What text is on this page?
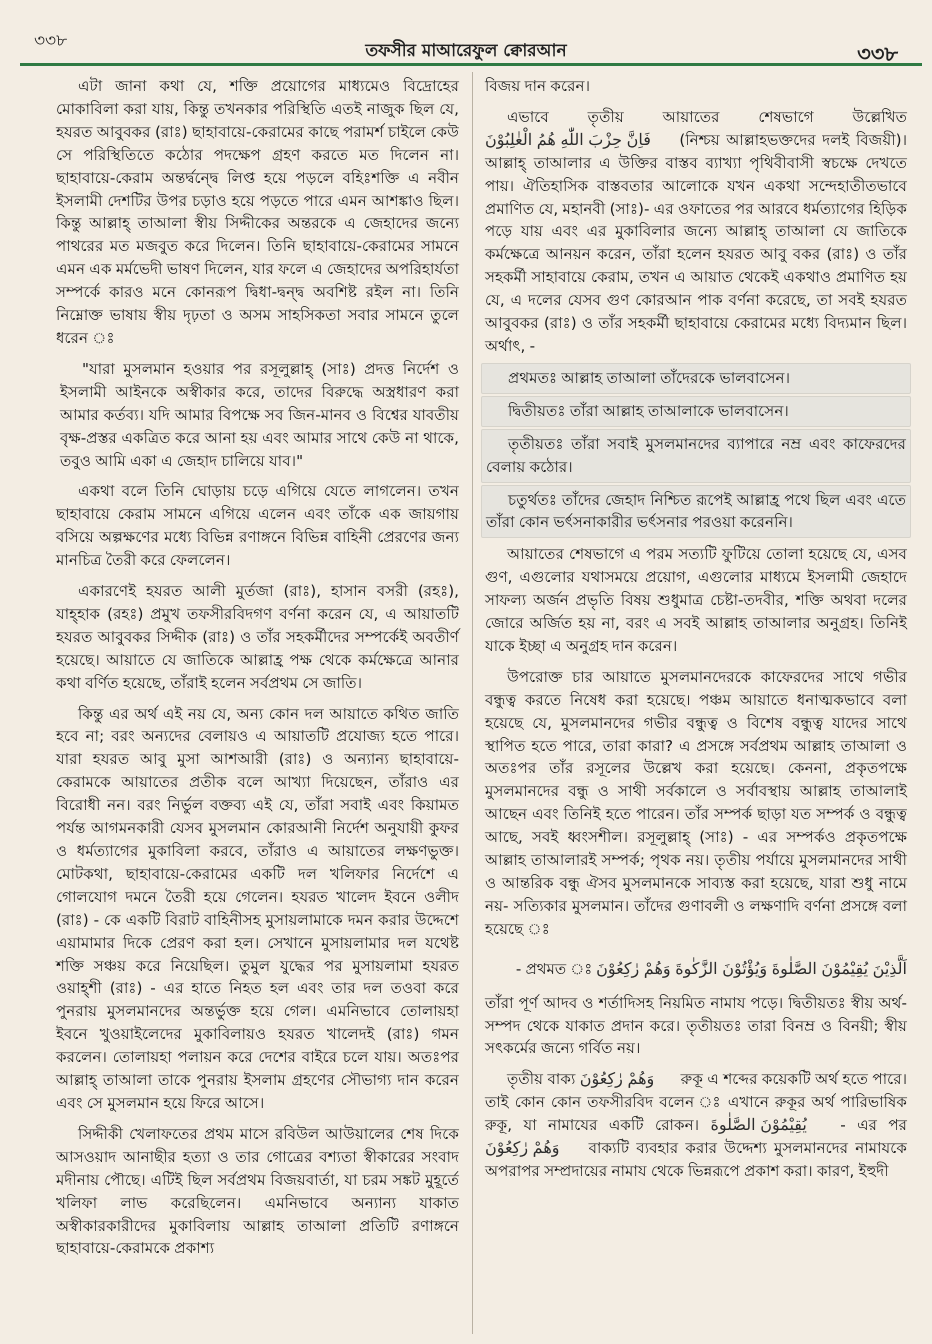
৩৩৮	তফসীর মাআরেফুল ক্বোরআন	৩৩৮

এটা জানা কথা যে, শক্তি প্রয়োগের মাধ্যমেও বিদ্রোহের মোকাবিলা করা যায়, কিন্তু তখনকার পরিস্থিতি এতই নাজুক ছিল যে, হযরত আবুবকর (রাঃ) ছাহাবায়ে-কেরামের কাছে পরামর্শ চাইলে কেউ সে পরিস্থিতিতে কঠোর পদক্ষেপ গ্রহণ করতে মত দিলেন না। ছাহাবায়ে-কেরাম অন্তর্দ্বন্দ্বে লিপ্ত হয়ে পড়লে বহিঃশক্তি এ নবীন ইসলামী দেশটির উপর চড়াও হয়ে পড়তে পারে এমন আশঙ্কাও ছিল। কিন্তু আল্লাহ্ তাআলা স্বীয় সিদ্দীকের অন্তরকে এ জেহাদের জন্যে পাথরের মত মজবুত করে দিলেন। তিনি ছাহাবায়ে-কেরামের সামনে এমন এক মর্মভেদী ভাষণ দিলেন, যার ফলে এ জেহাদের অপরিহার্যতা সম্পর্কে কারও মনে কোনরূপ দ্বিধা-দ্বন্দ্ব অবশিষ্ট রইল না। তিনি নিম্নোক্ত ভাষায় স্বীয় দৃঢ়তা ও অসম সাহসিকতা সবার সামনে তুলে ধরেন ঃ

"যারা মুসলমান হওয়ার পর রসূলুল্লাহ্ (সাঃ) প্রদত্ত নির্দেশ ও ইসলামী আইনকে অস্বীকার করে, তাদের বিরুদ্ধে অস্ত্রধারণ করা আমার কর্তব্য। যদি আমার বিপক্ষে সব জিন-মানব ও বিশ্বের যাবতীয় বৃক্ষ-প্রস্তর একত্রিত করে আনা হয় এবং আমার সাথে কেউ না থাকে, তবুও আমি একা এ জেহাদ চালিয়ে যাব।"

একথা বলে তিনি ঘোড়ায় চড়ে এগিয়ে যেতে লাগলেন। তখন ছাহাবায়ে কেরাম সামনে এগিয়ে এলেন এবং তাঁকে এক জায়গায় বসিয়ে অল্পক্ষণের মধ্যে বিভিন্ন রণাঙ্গনে বিভিন্ন বাহিনী প্রেরণের জন্য মানচিত্র তৈরী করে ফেললেন।

একারণেই হযরত আলী মুর্তজা (রাঃ), হাসান বসরী (রহঃ), যাহ্হাক (রহঃ) প্রমুখ তফসীরবিদগণ বর্ণনা করেন যে, এ আয়াতটি হযরত আবুবকর সিদ্দীক (রাঃ) ও তাঁর সহকর্মীদের সম্পর্কেই অবতীর্ণ হয়েছে। আয়াতে যে জাতিকে আল্লাহ্র পক্ষ থেকে কর্মক্ষেত্রে আনার কথা বর্ণিত হয়েছে, তাঁরাই হলেন সর্বপ্রথম সে জাতি।

কিন্তু এর অর্থ এই নয় যে, অন্য কোন দল আয়াতে কথিত জাতি হবে না; বরং অন্যদের বেলায়ও এ আয়াতটি প্রযোজ্য হতে পারে। যারা হযরত আবু মুসা আশআরী (রাঃ) ও অন্যান্য ছাহাবায়ে-কেরামকে আয়াতের প্রতীক বলে আখ্যা দিয়েছেন, তাঁরাও এর বিরোধী নন। বরং নির্ভুল বক্তব্য এই যে, তাঁরা সবাই এবং কিয়ামত পর্যন্ত আগমনকারী যেসব মুসলমান কোরআনী নির্দেশ অনুযায়ী কুফর ও ধর্মত্যাগের মুকাবিলা করবে, তাঁরাও এ আয়াতের লক্ষণভুক্ত। মোটকথা, ছাহাবায়ে-কেরামের একটি দল খলিফার নির্দেশে এ গোলযোগ দমনে তৈরী হয়ে গেলেন। হযরত খালেদ ইবনে ওলীদ (রাঃ) - কে একটি বিরাট বাহিনীসহ মুসায়লামাকে দমন করার উদ্দেশে এয়ামামার দিকে প্রেরণ করা হল। সেখানে মুসায়লামার দল যথেষ্ট শক্তি সঞ্চয় করে নিয়েছিল। তুমুল যুদ্ধের পর মুসায়লামা হযরত ওয়াহ্শী (রাঃ) - এর হাতে নিহত হল এবং তার দল তওবা করে পুনরায় মুসলমানদের অন্তর্ভুক্ত হয়ে গেল। এমনিভাবে তোলায়হা ইবনে খুওয়াইলেদের মুকাবিলায়ও হযরত খালেদই (রাঃ) গমন করলেন। তোলায়হা পলায়ন করে দেশের বাইরে চলে যায়। অতঃপর আল্লাহ্ তাআলা তাকে পুনরায় ইসলাম গ্রহণের সৌভাগ্য দান করেন এবং সে মুসলমান হয়ে ফিরে আসে।

সিদ্দীকী খেলাফতের প্রথম মাসে রবিউল আউয়ালের শেষ দিকে আসওয়াদ আনাছীর হত্যা ও তার গোত্রের বশ্যতা স্বীকারের সংবাদ মদীনায় পৌছে। এটিই ছিল সর্বপ্রথম বিজয়বার্তা, যা চরম সঙ্কট মুহূর্তে খলিফা লাভ করেছিলেন। এমনিভাবে অন্যান্য যাকাত অস্বীকারকারীদের মুকাবিলায় আল্লাহ তাআলা প্রতিটি রণাঙ্গনে ছাহাবায়ে-কেরামকে প্রকাশ্য

বিজয় দান করেন।

এভাবে তৃতীয় আয়াতের শেষভাগে উল্লেখিত فَاِنَّ حِزْبَ اللّٰهِ هُمُ الْغٰلِبُوْنَ (নিশ্চয় আল্লাহভক্তদের দলই বিজয়ী)। আল্লাহ্ তাআলার এ উক্তির বাস্তব ব্যাখ্যা পৃথিবীবাসী স্বচক্ষে দেখতে পায়। ঐতিহাসিক বাস্তবতার আলোকে যখন একথা সন্দেহাতীতভাবে প্রমাণিত যে, মহানবী (সাঃ)- এর ওফাতের পর আরবে ধর্মত্যাগের হিড়িক পড়ে যায় এবং এর মুকাবিলার জন্যে আল্লাহ্ তাআলা যে জাতিকে কর্মক্ষেত্রে আনয়ন করেন, তাঁরা হলেন হযরত আবু বকর (রাঃ) ও তাঁর সহকর্মী সাহাবায়ে কেরাম, তখন এ আয়াত থেকেই একথাও প্রমাণিত হয় যে, এ দলের যেসব গুণ কোরআন পাক বর্ণনা করেছে, তা সবই হযরত আবুবকর (রাঃ) ও তাঁর সহকর্মী ছাহাবায়ে কেরামের মধ্যে বিদ্যমান ছিল। অর্থাৎ, -

প্রথমতঃ আল্লাহ তাআলা তাঁদেরকে ভালবাসেন।

দ্বিতীয়তঃ তাঁরা আল্লাহ তাআলাকে ভালবাসেন।

তৃতীয়তঃ তাঁরা সবাই মুসলমানদের ব্যাপারে নম্র এবং কাফেরদের বেলায় কঠোর।

চতুর্থতঃ তাঁদের জেহাদ নিশ্চিত রূপেই আল্লাহ্র পথে ছিল এবং এতে তাঁরা কোন ভর্ৎসনাকারীর ভর্ৎসনার পরওয়া করেননি।

আয়াতের শেষভাগে এ পরম সত্যটি ফুটিয়ে তোলা হয়েছে যে, এসব গুণ, এগুলোর যথাসময়ে প্রয়োগ, এগুলোর মাধ্যমে ইসলামী জেহাদে সাফল্য অর্জন প্রভৃতি বিষয় শুধুমাত্র চেষ্টা-তদবীর, শক্তি অথবা দলের জোরে অর্জিত হয় না, বরং এ সবই আল্লাহ তাআলার অনুগ্রহ। তিনিই যাকে ইচ্ছা এ অনুগ্রহ দান করেন।

উপরোক্ত চার আয়াতে মুসলমানদেরকে কাফেরদের সাথে গভীর বন্ধুত্ব করতে নিষেধ করা হয়েছে। পঞ্চম আয়াতে ধনাত্মকভাবে বলা হয়েছে যে, মুসলমানদের গভীর বন্ধুত্ব ও বিশেষ বন্ধুত্ব যাদের সাথে স্থাপিত হতে পারে, তারা কারা? এ প্রসঙ্গে সর্বপ্রথম আল্লাহ তাআলা ও অতঃপর তাঁর রসূলের উল্লেখ করা হয়েছে। কেননা, প্রকৃতপক্ষে মুসলমানদের বন্ধু ও সাথী সর্বকালে ও সর্বাবস্থায় আল্লাহ তাআলাই আছেন এবং তিনিই হতে পারেন। তাঁর সম্পর্ক ছাড়া যত সম্পর্ক ও বন্ধুত্ব আছে, সবই ধ্বংসশীল। রসূলুল্লাহ্ (সাঃ) - এর সম্পর্কও প্রকৃতপক্ষে আল্লাহ তাআলারই সম্পর্ক; পৃথক নয়। তৃতীয় পর্যায়ে মুসলমানদের সাথী ও আন্তরিক বন্ধু ঐসব মুসলমানকে সাব্যস্ত করা হয়েছে, যারা শুধু নামে নয়- সত্যিকার মুসলমান। তাঁদের গুণাবলী ও লক্ষণাদি বর্ণনা প্রসঙ্গে বলা হয়েছে ঃ

- প্রথমত ঃ اَلَّذِيْنَ يُقِيْمُوْنَ الصَّلٰوةَ وَيُؤْتُوْنَ الزَّكٰوةَ وَهُمْ رٰكِعُوْنَ

তাঁরা পূর্ণ আদব ও শর্তাদিসহ নিয়মিত নামায পড়ে। দ্বিতীয়তঃ স্বীয় অর্থ-সম্পদ থেকে যাকাত প্রদান করে। তৃতীয়তঃ তারা বিনম্র ও বিনয়ী; স্বীয় সৎকর্মের জন্যে গর্বিত নয়।

তৃতীয় বাক্য وَهُمْ رٰكِعُوْنَ রুকূ এ শব্দের কয়েকটি অর্থ হতে পারে। তাই কোন কোন তফসীরবিদ বলেন ঃ এখানে রুকূর অর্থ পারিভাষিক রুকূ, যা নামাযের একটি রোকন। يُقِيْمُوْنَ الصَّلٰوةَ - এর পর وَهُمْ رٰكِعُوْنَ বাক্যটি ব্যবহার করার উদ্দেশ্য মুসলমানদের নামাযকে অপরাপর সম্প্রদায়ের নামায থেকে ভিন্নরূপে প্রকাশ করা। কারণ, ইহুদী
